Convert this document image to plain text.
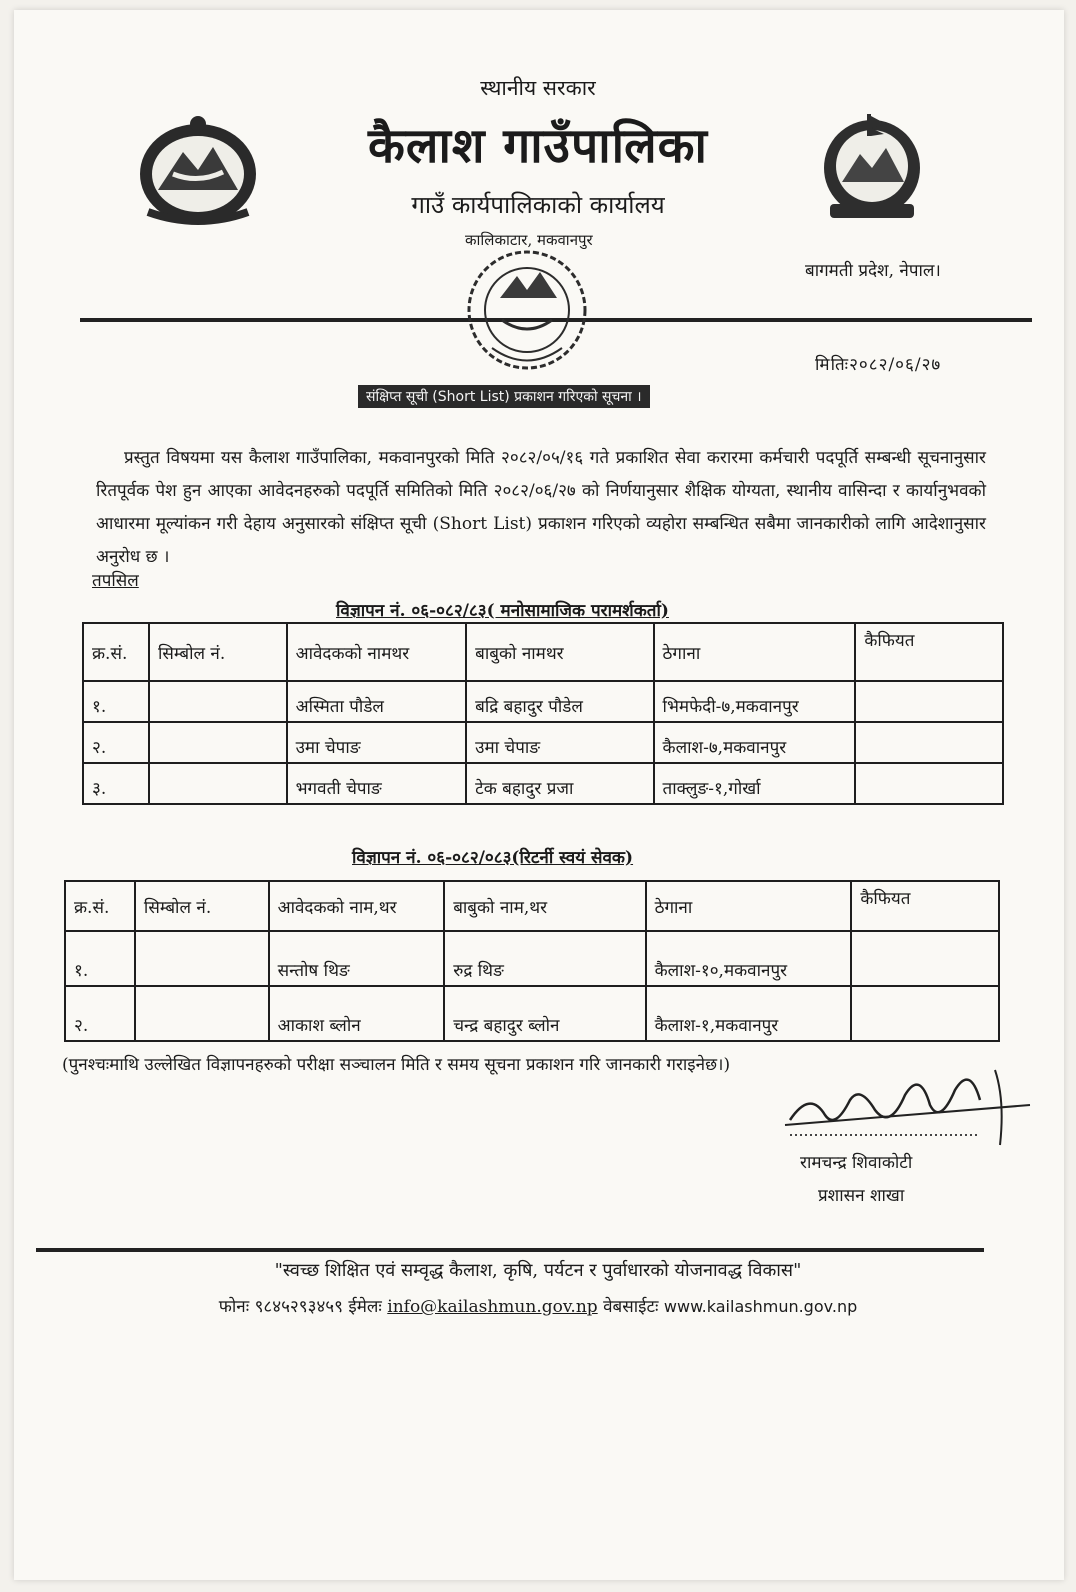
स्थानीय सरकार
कैलाश गाउँपालिका
गाउँ कार्यपालिकाको कार्यालय
कालिकाटार, मकवानपुर
बागमती प्रदेश, नेपाल।
मितिः२०८२/०६/२७
संक्षिप्त सूची (Short List) प्रकाशन गरिएको सूचना ।
प्रस्तुत विषयमा यस कैलाश गाउँपालिका, मकवानपुरको मिति २०८२/०५/१६ गते प्रकाशित सेवा करारमा कर्मचारी पदपूर्ति सम्बन्धी सूचनानुसार रितपूर्वक पेश हुन आएका आवेदनहरुको पदपूर्ति समितिको मिति २०८२/०६/२७ को निर्णयानुसार शैक्षिक योग्यता, स्थानीय वासिन्दा र कार्यानुभवको आधारमा मूल्यांकन गरी देहाय अनुसारको संक्षिप्त सूची (Short List) प्रकाशन गरिएको व्यहोरा सम्बन्धित सबैमा जानकारीको लागि आदेशानुसार अनुरोध छ ।
तपसिल
विज्ञापन नं. ०६-०८२/८३( मनोसामाजिक परामर्शकर्ता)
क्र.सं.	सिम्बोल नं.	आवेदकको नामथर	बाबुको नामथर	ठेगाना	कैफियत
१.		अस्मिता पौडेल	बद्रि बहादुर पौडेल	भिमफेदी-७,मकवानपुर	
२.		उमा चेपाङ	उमा चेपाङ	कैलाश-७,मकवानपुर	
३.		भगवती चेपाङ	टेक बहादुर प्रजा	ताक्लुङ-१,गोर्खा	
विज्ञापन नं. ०६-०८२/०८३(रिटर्नी स्वयं सेवक)
क्र.सं.	सिम्बोल नं.	आवेदकको नाम,थर	बाबुको नाम,थर	ठेगाना	कैफियत
१.		सन्तोष थिङ	रुद्र थिङ	कैलाश-१०,मकवानपुर	
२.		आकाश ब्लोन	चन्द्र बहादुर ब्लोन	कैलाश-१,मकवानपुर	
(पुनश्चःमाथि उल्लेखित विज्ञापनहरुको परीक्षा सञ्चालन मिति र समय सूचना प्रकाशन गरि जानकारी गराइनेछ।)
रामचन्द्र शिवाकोटी
प्रशासन शाखा
"स्वच्छ शिक्षित एवं सम्वृद्ध कैलाश, कृषि, पर्यटन र पुर्वाधारको योजनावद्ध विकास"
फोनः ९८४५२९३४५९ ईमेलः info@kailashmun.gov.np वेबसाईटः www.kailashmun.gov.np
